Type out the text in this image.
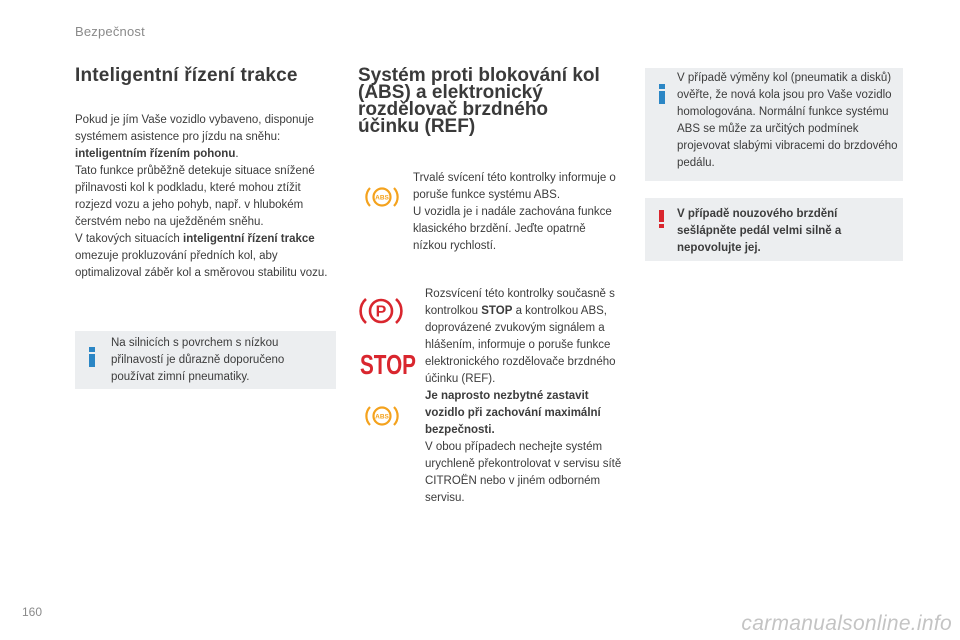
Bezpečnost
Inteligentní řízení trakce

Pokud je jím Vaše vozidlo vybaveno, disponuje systémem asistence pro jízdu na sněhu: inteligentním řízením pohonu.

Tato funkce průběžně detekuje situace snížené přilnavosti kol k podkladu, které mohou ztížit rozjezd vozu a jeho pohyb, např. v hlubokém čerstvém nebo na uježděném sněhu.

V takových situacích inteligentní řízení trakce omezuje prokluzování předních kol, aby optimalizoval záběr kol a směrovou stabilitu vozu.

Na silnicích s povrchem s nízkou přilnavostí je důrazně doporučeno používat zimní pneumatiky.
Systém proti blokování kol (ABS) a elektronický rozdělovač brzdného účinku (REF)
ABS

Trvalé svícení této kontrolky informuje o poruše funkce systému ABS.

U vozidla je i nadále zachována funkce klasického brzdění. Jeďte opatrně nízkou rychlostí.

P
STOP
ABS

Rozsvícení této kontrolky současně s kontrolkou STOP a kontrolkou ABS, doprovázené zvukovým signálem a hlášením, informuje o poruše funkce elektronického rozdělovače brzdného účinku (REF).

Je naprosto nezbytné zastavit vozidlo při zachování maximální bezpečnosti.

V obou případech nechejte systém urychleně překontrolovat v servisu sítě CITROËN nebo v jiném odborném servisu.

V případě výměny kol (pneumatik a disků) ověřte, že nová kola jsou pro Vaše vozidlo homologována. Normální funkce systému ABS se může za určitých podmínek projevovat slabými vibracemi do brzdového pedálu.
V případě nouzového brzdění sešlápněte pedál velmi silně a nepovolujte jej.
160	carmanualsonline.info
